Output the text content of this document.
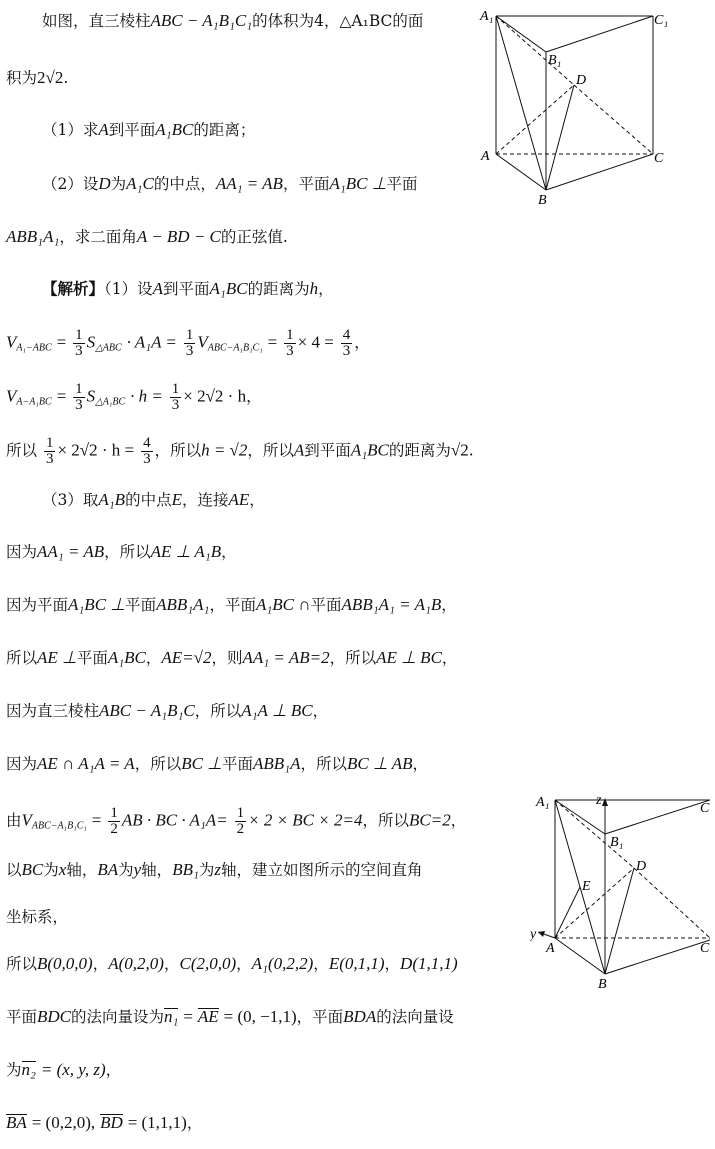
如图，直三棱柱ABC − A₁B₁C₁的体积为4，△A₁BC的面
积为2√2.
（1）求A到平面A₁BC的距离；
（2）设D为A₁C的中点，AA₁ = AB，平面A₁BC ⊥平面
ABB₁A₁，求二面角A − BD − C的正弦值.
A₁	C₁
B₁
D
A	C
B
【解析】（1）设A到平面A₁BC的距离为h，
$V_{A_1-ABC} = \frac{1}{3} S_{\triangle ABC} \cdot A_1A = \frac{1}{3} V_{ABC-A_1B_1C_1} = \frac{1}{3} \times 4 = \frac{4}{3}$ ，
$V_{A-A_1BC} = \frac{1}{3} S_{\triangle A_1BC} \cdot h = \frac{1}{3} \times 2√2 \cdot h$，
所以 $\frac{1}{3} \times 2√2 \cdot h = \frac{4}{3}$ ，所以h = √2，所以A到平面A₁BC的距离为√2.
（3）取A₁B的中点E，连接AE，
因为AA₁ = AB，所以AE ⊥ A₁B，
因为平面A₁BC ⊥平面ABB₁A₁，平面A₁BC ∩平面ABB₁A₁ = A₁B，
所以AE ⊥平面A₁BC，AE=√2，则AA₁ = AB=2，所以AE ⊥ BC，
因为直三棱柱ABC − A₁B₁C，所以A₁A ⊥ BC，
因为AE ∩ A₁A = A，所以BC ⊥平面ABB₁A，所以BC ⊥ AB，
由$V_{ABC-A_1B_1C_1} = \frac{1}{2}$ AB · BC · $A_1A= \frac{1}{2} \times 2$ × BC × 2=4，所以BC=2，
以BC为x轴，BA为y轴，BB₁为z轴，建立如图所示的空间直角
坐标系，
所以B(0,0,0)，A(0,2,0)，C(2,0,0)，A₁(0,2,2)，E(0,1,1)，D(1,1,1)
平面BDC的法向量设为n₁ = AE = (0, −1,1)，平面BDA的法向量设
为n₂ = (x, y, z)，
BA = (0,2,0), BD = (1,1,1)，
A₁	C
z
B₁
D
E
y
A	C
B
